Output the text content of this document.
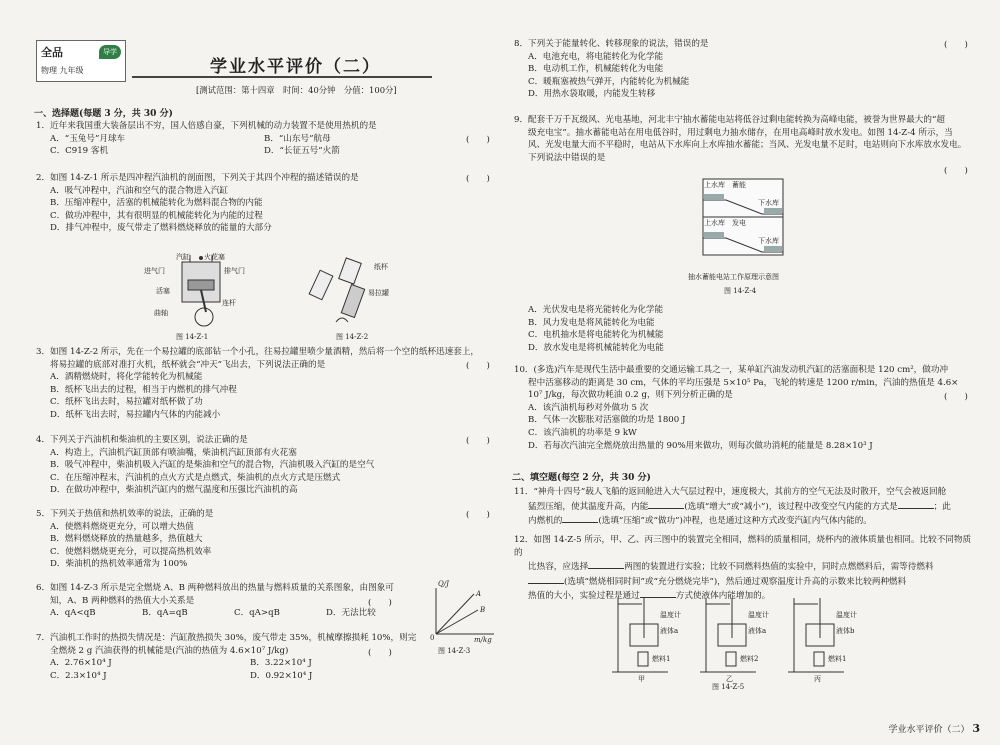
全品	导学
物理 九年级	学业水平评价（二）
[测试范围：第十四章　时间：40分钟　分值：100分]
一、选择题(每题 3 分，共 30 分)

1．近年来我国重大装备层出不穷，国人倍感自豪，下列机械的动力装置不是使用热机的是

A．“玉兔号”月球车	B．“山东号”航母

C．C919 客机	D．“长征五号”火箭

(　　)

2．如图 14-Z-1 所示是四冲程汽油机的剖面图，下列关于其四个冲程的描述错误的是

A．吸气冲程中，汽油和空气的混合物进入汽缸

B．压缩冲程中，活塞的机械能转化为燃料混合物的内能

C．做功冲程中，其有很明显的机械能转化为内能的过程

D．排气冲程中，废气带走了燃料燃烧释放的能量的大部分

(　　)
汽缸 火花塞
进气门	排气门
活塞
曲轴
连杆
图 14-Z-1
纸杯
易拉罐
图 14-Z-2

3．如图 14-Z-2 所示，先在一个易拉罐的底部钻一个小孔，往易拉罐里喷少量酒精，然后将一个空的纸杯迅速套上，

将易拉罐的底部对准打火机，纸杯就会“冲天”飞出去，下列说法正确的是

A．酒精燃烧时，将化学能转化为机械能

B．纸杯飞出去的过程，相当于内燃机的排气冲程

C．纸杯飞出去时，易拉罐对纸杯做了功

D．纸杯飞出去时，易拉罐内气体的内能减小

(　　)

4．下列关于汽油机和柴油机的主要区别，说法正确的是

A．构造上，汽油机汽缸顶部有喷油嘴，柴油机汽缸顶部有火花塞

B．吸气冲程中，柴油机吸入汽缸的是柴油和空气的混合物，汽油机吸入汽缸的是空气

C．在压缩冲程末，汽油机的点火方式是点燃式，柴油机的点火方式是压燃式

D．在做功冲程中，柴油机汽缸内的燃气温度和压强比汽油机的高

(　　)

5．下列关于热值和热机效率的说法，正确的是

A．使燃料燃烧更充分，可以增大热值

B．燃料燃烧释放的热量越多，热值越大

C．使燃料燃烧更充分，可以提高热机效率

D．柴油机的热机效率通常为 100%

(　　)

6．如图 14-Z-3 所示是完全燃烧 A、B 两种燃料放出的热量与燃料质量的关系图象，由图象可

知，A、B 两种燃料的热值大小关系是

A．qA<qB	B．qA=qB	C．qA>qB	D．无法比较

(　　)
Q/J
m/kg
0
A
B
图 14-Z-3

7．汽油机工作时的热损失情况是：汽缸散热损失 30%，废气带走 35%，机械摩擦损耗 10%，则完

全燃烧 2 g 汽油获得的机械能是(汽油的热值为 4.6×10⁷ J/kg)

A．2.76×10⁴ J	B．3.22×10⁴ J

C．2.3×10⁴ J	D．0.92×10⁴ J

(　　)

8．下列关于能量转化、转移现象的说法，错误的是

A．电池充电，将电能转化为化学能

B．电动机工作，机械能转化为电能

C．暖瓶塞被热气弹开，内能转化为机械能

D．用热水袋取暖，内能发生转移

(　　)

9．配套千万千瓦级风、光电基地，河北丰宁抽水蓄能电站将低谷过剩电能转换为高峰电能，被誉为世界最大的“超

级充电宝”。抽水蓄能电站在用电低谷时，用过剩电力抽水储存，在用电高峰时放水发电。如图 14-Z-4 所示，当

风、光发电量大而不平稳时，电站从下水库向上水库抽水蓄能；当风、光发电量不足时，电站则向下水库放水发电。

下列说法中错误的是

(　　)
上水库 蓄能
下水库
上水库 发电
下水库
抽水蓄能电站工作原理示意图
图 14-Z-4

A．光伏发电是将光能转化为化学能

B．风力发电是将风能转化为电能

C．电机抽水是将电能转化为机械能

D．放水发电是将机械能转化为电能

10．(多选)汽车是现代生活中最重要的交通运输工具之一，某单缸汽油发动机汽缸的活塞面积是 120 cm²，做功冲

程中活塞移动的距离是 30 cm，气体的平均压强是 5×10⁵ Pa，飞轮的转速是 1200 r/min，汽油的热值是 4.6×

10⁷ J/kg，每次做功耗油 0.2 g，则下列分析正确的是

A．该汽油机每秒对外做功 5 次

B．气体一次膨胀对活塞做的功是 1800 J

C．该汽油机的功率是 9 kW

D．若每次汽油完全燃烧放出热量的 90%用来做功，则每次做功消耗的能量是 8.28×10³ J

(　　)
二、填空题(每空 2 分，共 30 分)

11．“神舟十四号”载人飞船的返回舱进入大气层过程中，速度极大，其前方的空气无法及时散开，空气会被返回舱

猛烈压缩，使其温度升高，内能	(选填“增大”或“减小”)，该过程中改变空气内能的方式是	；此

内燃机的	(选填“压缩”或“做功”)冲程，也是通过这种方式改变汽缸内气体内能的。

12．如图 14-Z-5 所示，甲、乙、丙三图中的装置完全相同，燃料的质量相同，烧杯内的液体质量也相同。比较不同物质的

比热容，应选择	两图的装置进行实验；比较不同燃料热值的实验中，同时点燃燃料后，需等待燃料

(选填“燃烧相同时间”或“充分燃烧完毕”)，然后通过观察温度计升高的示数来比较两种燃料

热值的大小，实验过程是通过	方式使液体内能增加的。

温度计
液体a
燃料1
温度计
液体a
燃料2
温度计
液体b
燃料1
甲	乙	丙
图 14-Z-5
学业水平评价（二） 3
